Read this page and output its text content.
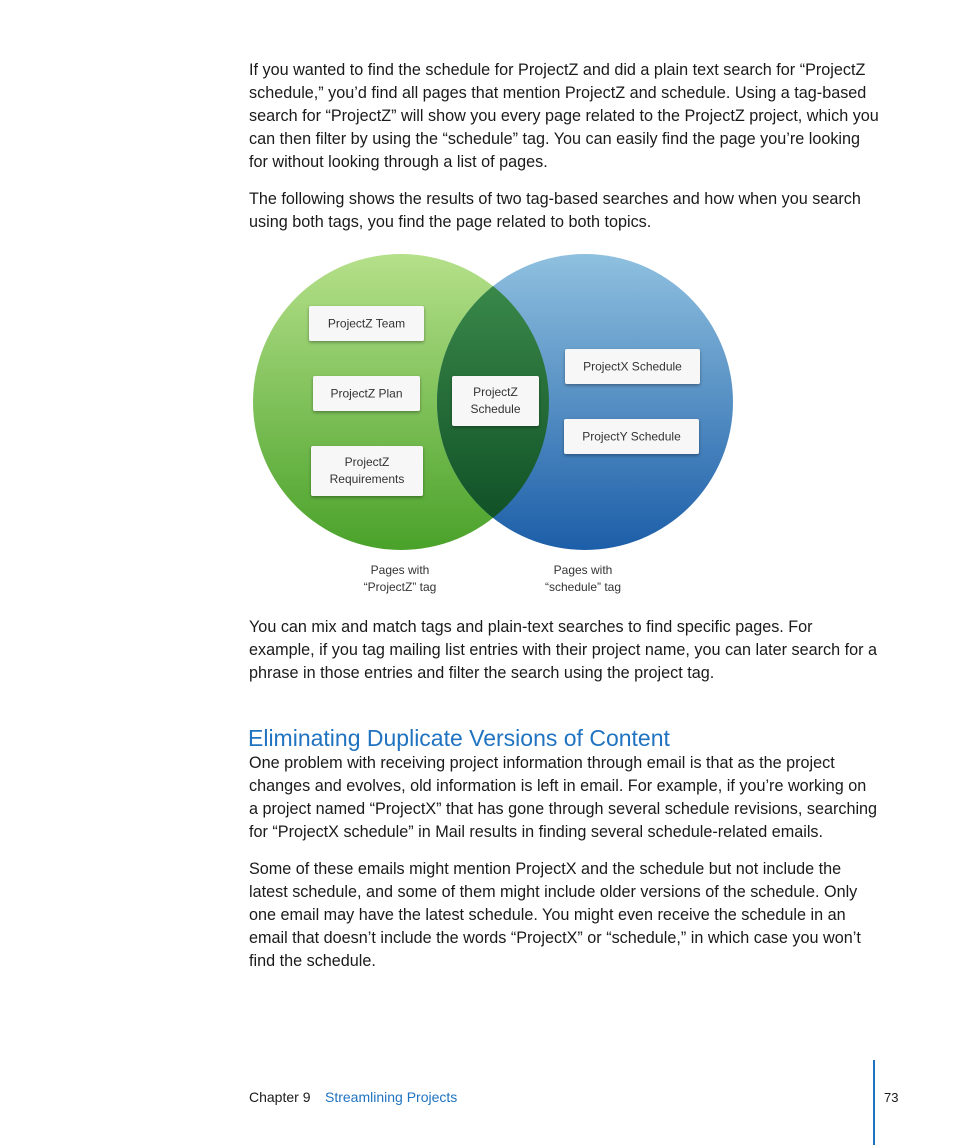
If you wanted to find the schedule for ProjectZ and did a plain text search for “ProjectZ schedule,” you’d find all pages that mention ProjectZ and schedule. Using a tag-based search for “ProjectZ” will show you every page related to the ProjectZ project, which you can then filter by using the “schedule” tag. You can easily find the page you’re looking for without looking through a list of pages.

The following shows the results of two tag-based searches and how when you search using both tags, you find the page related to both topics.

ProjectZ Team
ProjectZ Plan
ProjectZ
Requirements
ProjectZ
Schedule
ProjectX Schedule
ProjectY Schedule
Pages with
“ProjectZ” tag
Pages with
“schedule” tag

You can mix and match tags and plain-text searches to find specific pages. For example, if you tag mailing list entries with their project name, you can later search for a phrase in those entries and filter the search using the project tag.

Eliminating Duplicate Versions of Content

One problem with receiving project information through email is that as the project changes and evolves, old information is left in email. For example, if you’re working on a project named “ProjectX” that has gone through several schedule revisions, searching for “ProjectX schedule” in Mail results in finding several schedule-related emails.

Some of these emails might mention ProjectX and the schedule but not include the latest schedule, and some of them might include older versions of the schedule. Only one email may have the latest schedule. You might even receive the schedule in an email that doesn’t include the words “ProjectX” or “schedule,” in which case you won’t find the schedule.

Chapter 9 Streamlining Projects	73
